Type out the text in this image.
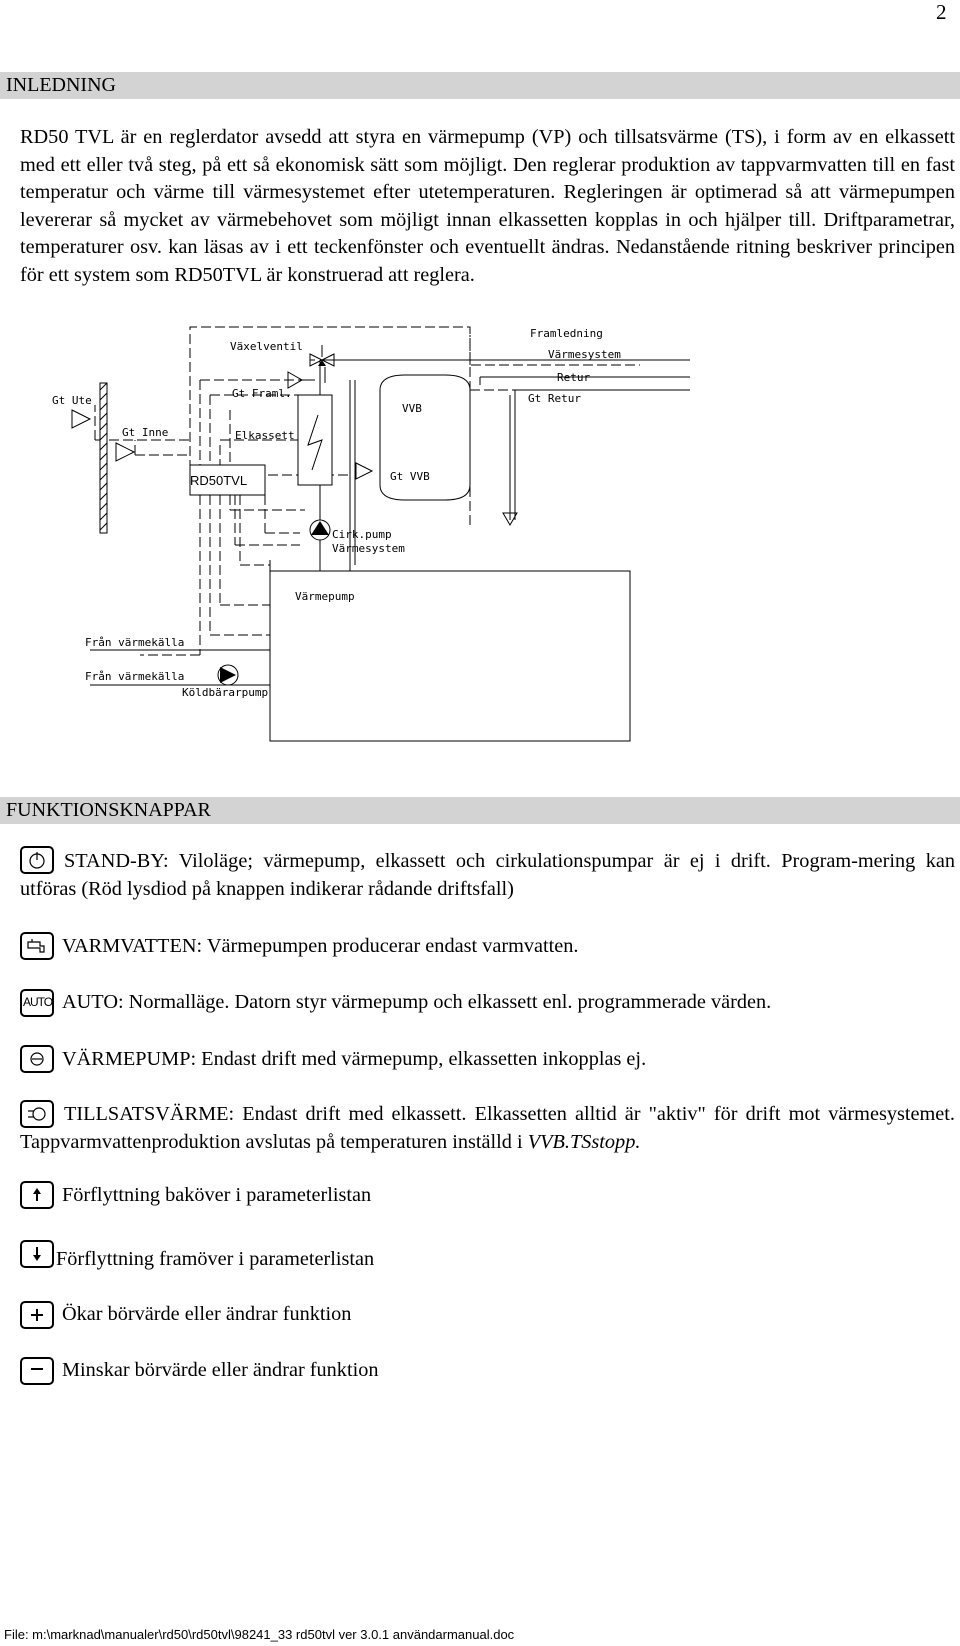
2
INLEDNING

RD50 TVL är en reglerdator avsedd att styra en värmepump (VP) och tillsatsvärme (TS), i form av en elkassett med ett eller två steg, på ett så ekonomisk sätt som möjligt. Den reglerar produktion av tappvarmvatten till en fast temperatur och värme till värmesystemet efter utetemperaturen. Regleringen är optimerad så att värmepumpen levererar så mycket av värmebehovet som möjligt innan elkassetten kopplas in och hjälper till. Driftparametrar, temperaturer osv. kan läsas av i ett teckenfönster och eventuellt ändras. Nedanstående ritning beskriver principen för ett system som RD50TVL är konstruerad att reglera.

Växelventil
Framledning
Värmesystem
Retur
Gt Ute
Gt Framl.
VVB
Gt Retur
Gt Inne	Elkassett
RD50TVL	Gt VVB
Cirk.pump
Värmesystem
Värmepump
Från värmekälla
Från värmekälla
Köldbärarpump
FUNKTIONSKNAPPAR
STAND-BY: Viloläge; värmepump, elkassett och cirkulationspumpar är ej i drift. Program-mering kan utföras (Röd lysdiod på knappen indikerar rådande driftsfall)
VARMVATTEN: Värmepumpen producerar endast varmvatten.
AUTO AUTO: Normalläge. Datorn styr värmepump och elkassett enl. programmerade värden.
VÄRMEPUMP: Endast drift med värmepump, elkassetten inkopplas ej.
TILLSATSVÄRME: Endast drift med elkassett. Elkassetten alltid är "aktiv" för drift mot värmesystemet. Tappvarmvattenproduktion avslutas på temperaturen inställd i VVB.TSstopp.
Förflyttning baköver i parameterlistan
Förflyttning framöver i parameterlistan
Ökar börvärde eller ändrar funktion
Minskar börvärde eller ändrar funktion
File: m:\marknad\manualer\rd50\rd50tvl\98241_33 rd50tvl ver 3.0.1 användarmanual.doc
